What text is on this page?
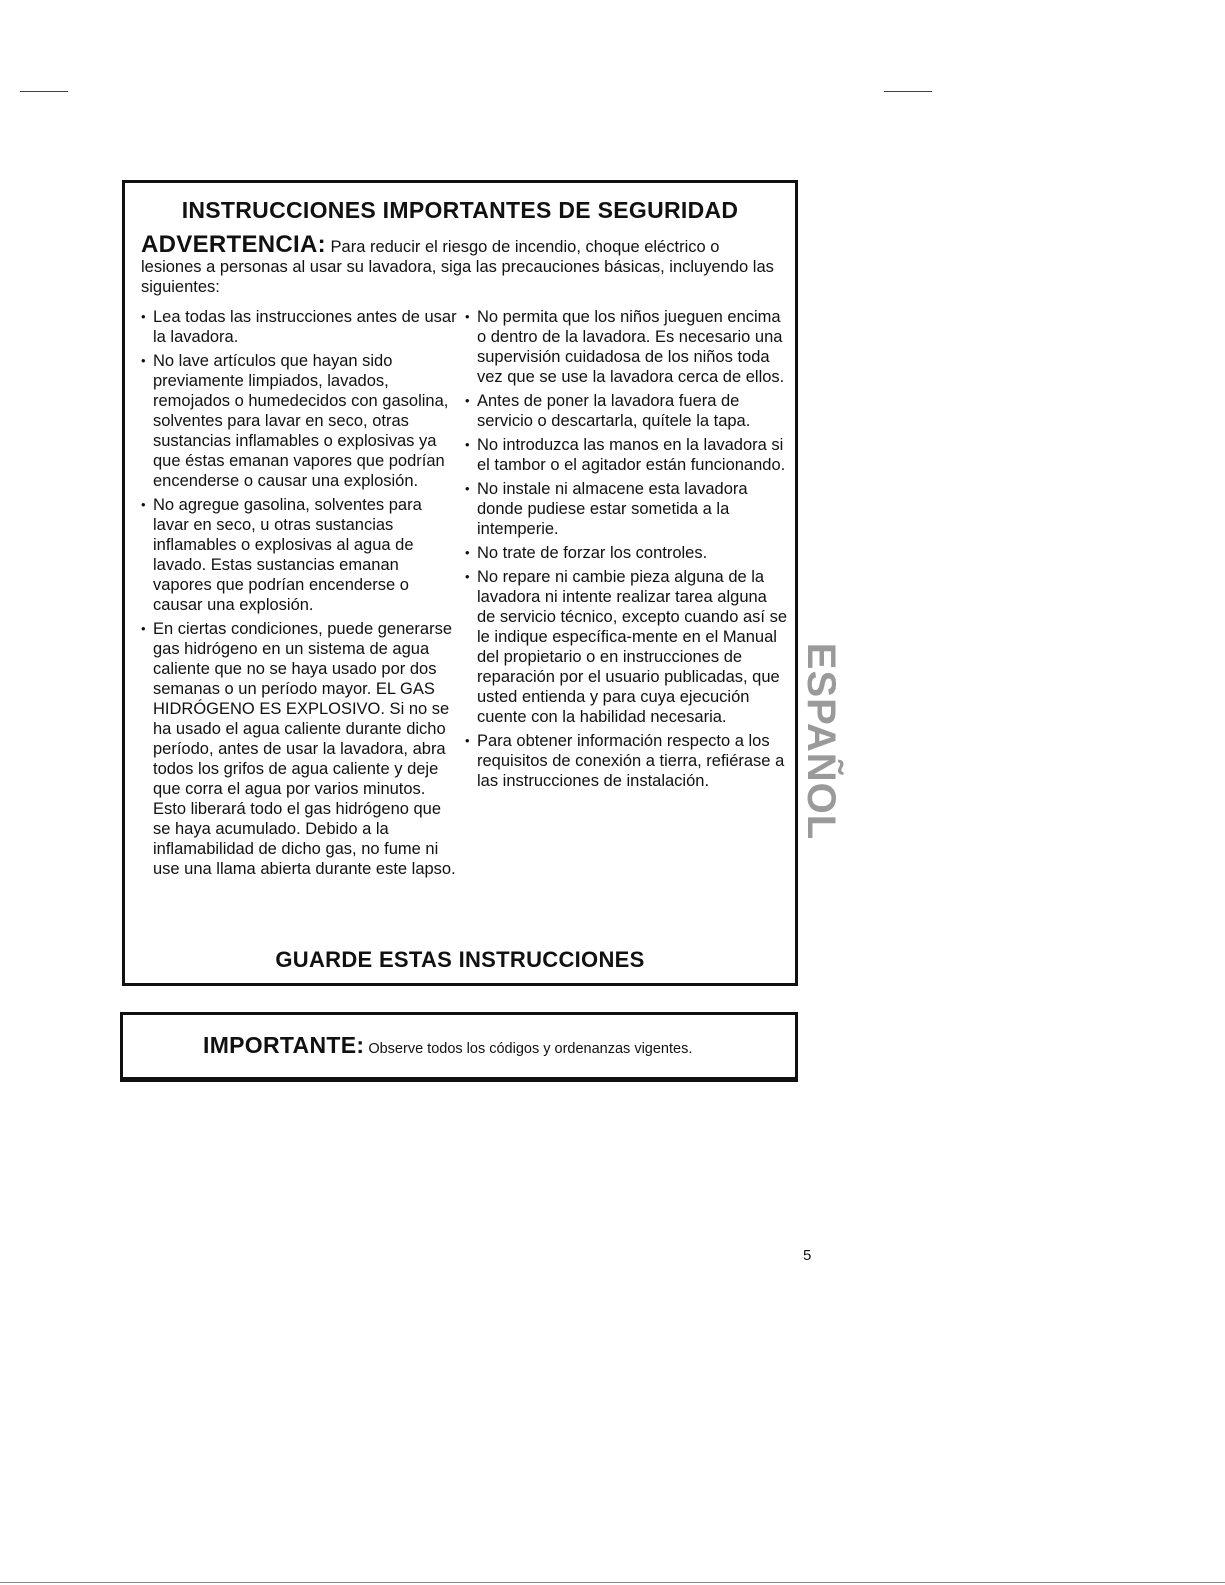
INSTRUCCIONES IMPORTANTES DE SEGURIDAD

ADVERTENCIA: Para reducir el riesgo de incendio, choque eléctrico o lesiones a personas al usar su lavadora, siga las precauciones básicas, incluyendo las siguientes:

• Lea todas las instrucciones antes de usar la lavadora.
• No lave artículos que hayan sido previamente limpiados, lavados, remojados o humedecidos con gasolina, solventes para lavar en seco, otras sustancias inflamables o explosivas ya que éstas emanan vapores que podrían encenderse o causar una explosión.
• No agregue gasolina, solventes para lavar en seco, u otras sustancias inflamables o explosivas al agua de lavado. Estas sustancias emanan vapores que podrían encenderse o causar una explosión.
• En ciertas condiciones, puede generarse gas hidrógeno en un sistema de agua caliente que no se haya usado por dos semanas o un período mayor. EL GAS HIDRÓGENO ES EXPLOSIVO. Si no se ha usado el agua caliente durante dicho período, antes de usar la lavadora, abra todos los grifos de agua caliente y deje que corra el agua por varios minutos. Esto liberará todo el gas hidrógeno que se haya acumulado. Debido a la inflamabilidad de dicho gas, no fume ni use una llama abierta durante este lapso.
• No permita que los niños jueguen encima o dentro de la lavadora. Es necesario una supervisión cuidadosa de los niños toda vez que se use la lavadora cerca de ellos.
• Antes de poner la lavadora fuera de servicio o descartarla, quítele la tapa.
• No introduzca las manos en la lavadora si el tambor o el agitador están funcionando.
• No instale ni almacene esta lavadora donde pudiese estar sometida a la intemperie.
• No trate de forzar los controles.
• No repare ni cambie pieza alguna de la lavadora ni intente realizar tarea alguna de servicio técnico, excepto cuando así se le indique específica-mente en el Manual del propietario o en instrucciones de reparación por el usuario publicadas, que usted entienda y para cuya ejecución cuente con la habilidad necesaria.
• Para obtener información respecto a los requisitos de conexión a tierra, refiérase a las instrucciones de instalación.
GUARDE ESTAS INSTRUCCIONES

IMPORTANTE: Observe todos los códigos y ordenanzas vigentes.

ESPAÑOL

5
